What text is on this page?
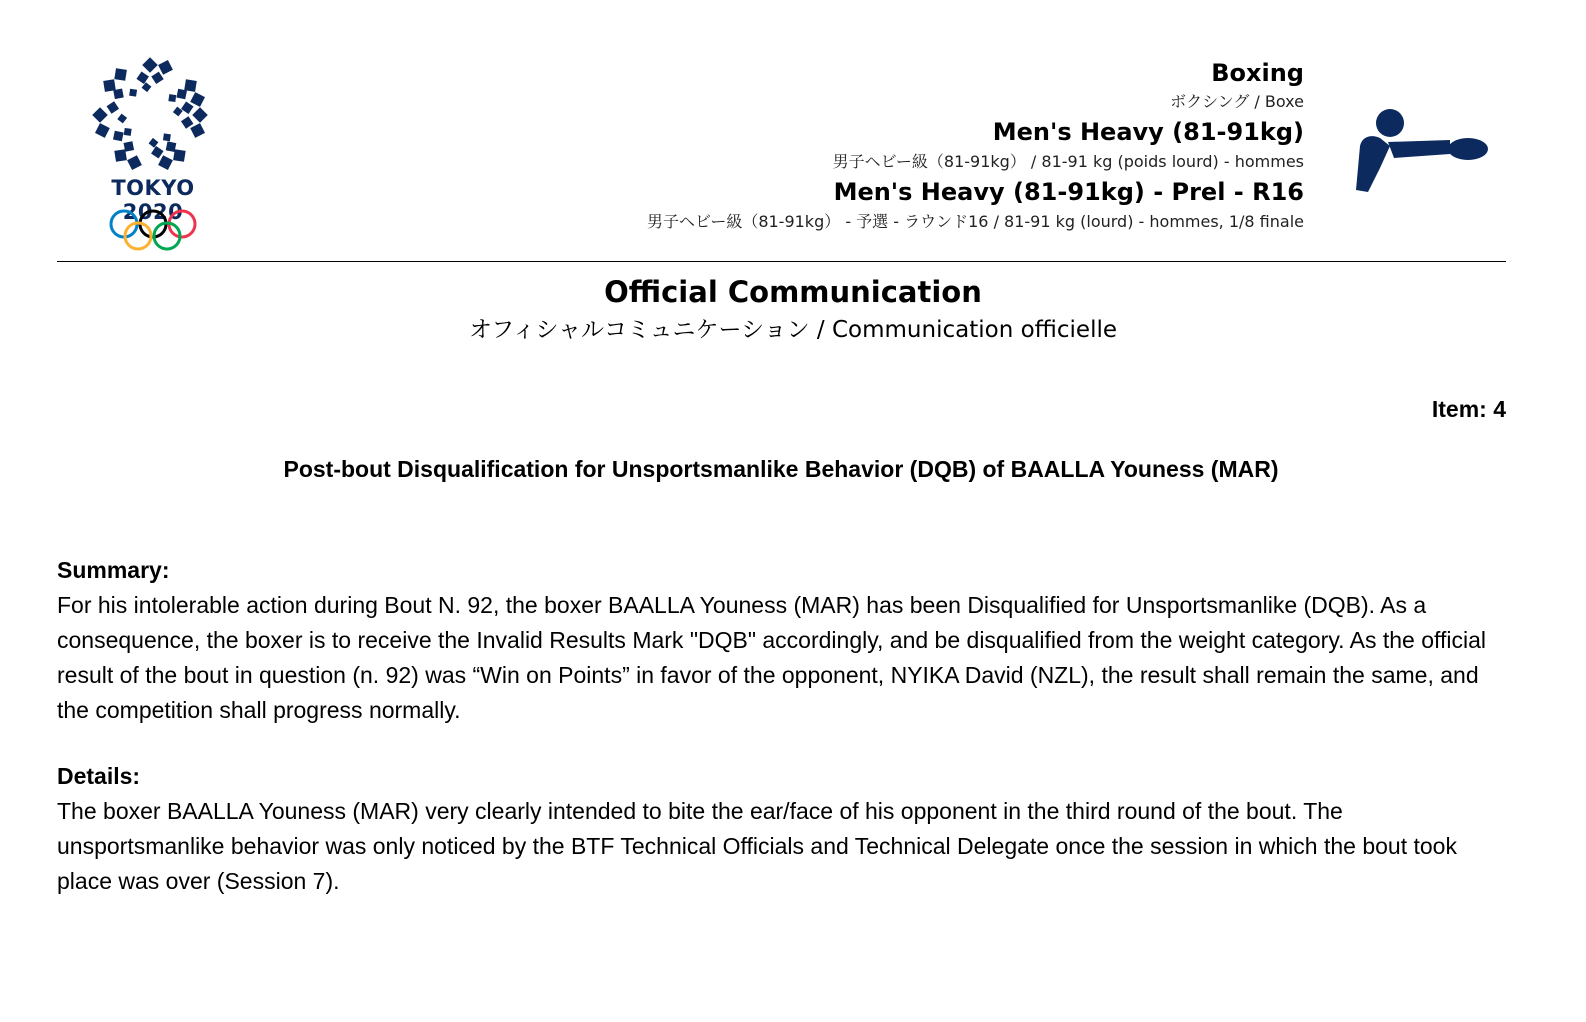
TOKYO 2020
Boxing
ボクシング / Boxe
Men's Heavy (81-91kg)
男子ヘビー級（81-91kg） / 81-91 kg (poids lourd) - hommes
Men's Heavy (81-91kg) - Prel - R16
男子ヘビー級（81-91kg） - 予選 - ラウンド16 / 81-91 kg (lourd) - hommes, 1/8 finale
Official Communication
オフィシャルコミュニケーション / Communication officielle
Item: 4
Post-bout Disqualification for Unsportsmanlike Behavior (DQB) of BAALLA Youness (MAR)
Summary:

For his intolerable action during Bout N. 92, the boxer BAALLA Youness (MAR) has been Disqualified for Unsportsmanlike (DQB). As a consequence, the boxer is to receive the Invalid Results Mark "DQB" accordingly, and be disqualified from the weight category. As the official result of the bout in question (n. 92) was “Win on Points” in favor of the opponent, NYIKA David (NZL), the result shall remain the same, and the competition shall progress normally.

Details:

The boxer BAALLA Youness (MAR) very clearly intended to bite the ear/face of his opponent in the third round of the bout. The unsportsmanlike behavior was only noticed by the BTF Technical Officials and Technical Delegate once the session in which the bout took place was over (Session 7).
